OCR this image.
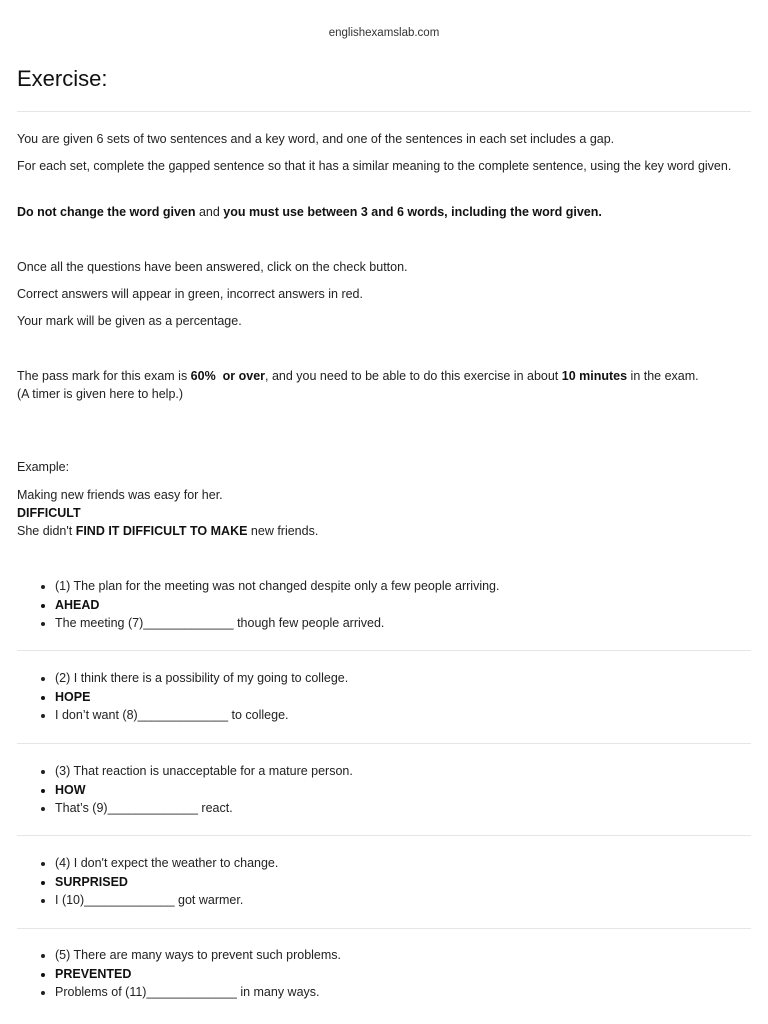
englishexamslab.com
Exercise:
You are given 6 sets of two sentences and a key word, and one of the sentences in each set includes a gap.
For each set, complete the gapped sentence so that it has a similar meaning to the complete sentence, using the key word given.
Do not change the word given and you must use between 3 and 6 words, including the word given.
Once all the questions have been answered, click on the check button.
Correct answers will appear in green, incorrect answers in red.
Your mark will be given as a percentage.
The pass mark for this exam is 60%  or over, and you need to be able to do this exercise in about 10 minutes in the exam.
(A timer is given here to help.)
Example:
Making new friends was easy for her.
DIFFICULT
She didn't FIND IT DIFFICULT TO MAKE new friends.
• (1) The plan for the meeting was not changed despite only a few people arriving.
• AHEAD
• The meeting (7)_____________ though few people arrived.
• (2) I think there is a possibility of my going to college.
• HOPE
• I don’t want (8)_____________ to college.
• (3) That reaction is unacceptable for a mature person.
• HOW
• That’s (9)_____________ react.
• (4) I don't expect the weather to change.
• SURPRISED
• I (10)_____________ got warmer.
• (5) There are many ways to prevent such problems.
• PREVENTED
• Problems of (11)_____________ in many ways.
